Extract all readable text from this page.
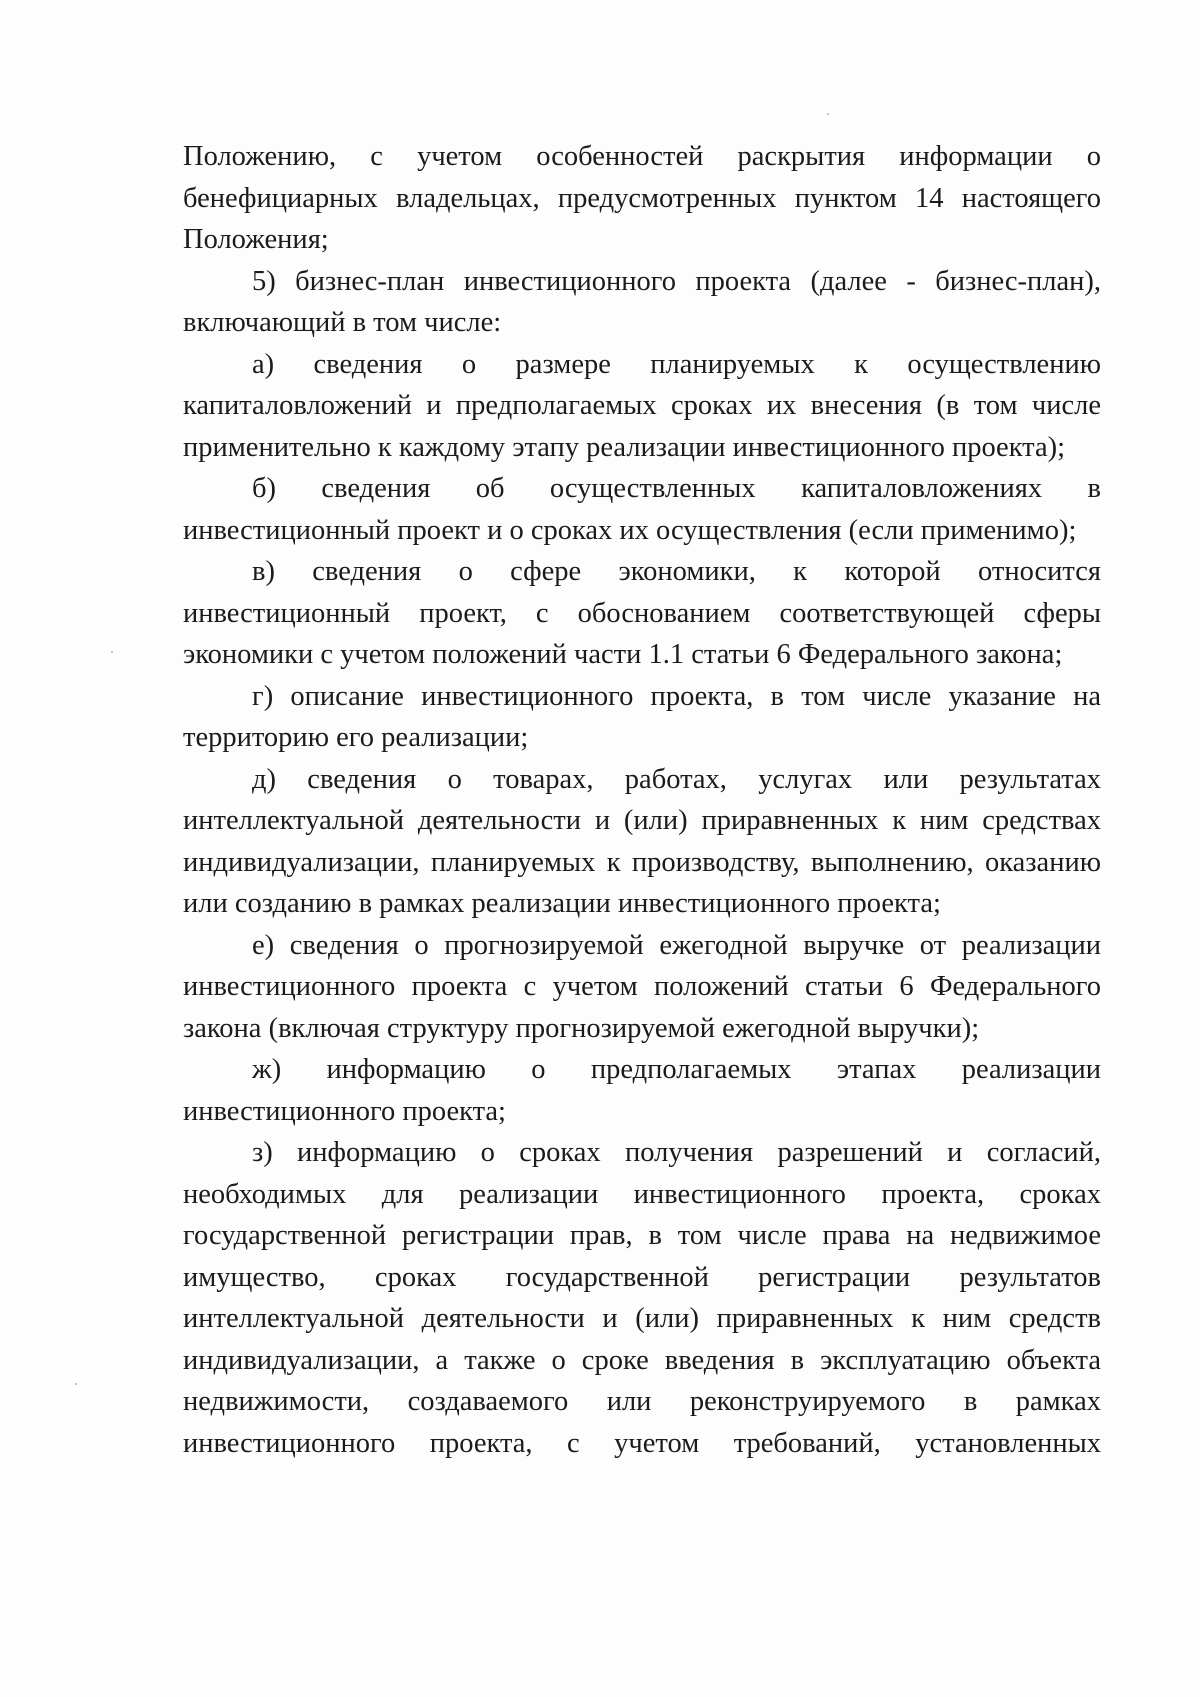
Положению, с учетом особенностей раскрытия информации о бенефициарных владельцах, предусмотренных пунктом 14 настоящего Положения;

5) бизнес-план инвестиционного проекта (далее - бизнес-план), включающий в том числе:

а) сведения о размере планируемых к осуществлению капиталовложений и предполагаемых сроках их внесения (в том числе применительно к каждому этапу реализации инвестиционного проекта);

б) сведения об осуществленных капиталовложениях в инвестиционный проект и о сроках их осуществления (если применимо);

в) сведения о сфере экономики, к которой относится инвестиционный проект, с обоснованием соответствующей сферы экономики с учетом положений части 1.1 статьи 6 Федерального закона;

г) описание инвестиционного проекта, в том числе указание на территорию его реализации;

д) сведения о товарах, работах, услугах или результатах интеллектуальной деятельности и (или) приравненных к ним средствах индивидуализации, планируемых к производству, выполнению, оказанию или созданию в рамках реализации инвестиционного проекта;

е) сведения о прогнозируемой ежегодной выручке от реализации инвестиционного проекта с учетом положений статьи 6 Федерального закона (включая структуру прогнозируемой ежегодной выручки);

ж) информацию о предполагаемых этапах реализации инвестиционного проекта;

з) информацию о сроках получения разрешений и согласий, необходимых для реализации инвестиционного проекта, сроках государственной регистрации прав, в том числе права на недвижимое имущество, сроках государственной регистрации результатов интеллектуальной деятельности и (или) приравненных к ним средств индивидуализации, а также о сроке введения в эксплуатацию объекта недвижимости, создаваемого или реконструируемого в рамках инвестиционного проекта, с учетом требований, установленных
